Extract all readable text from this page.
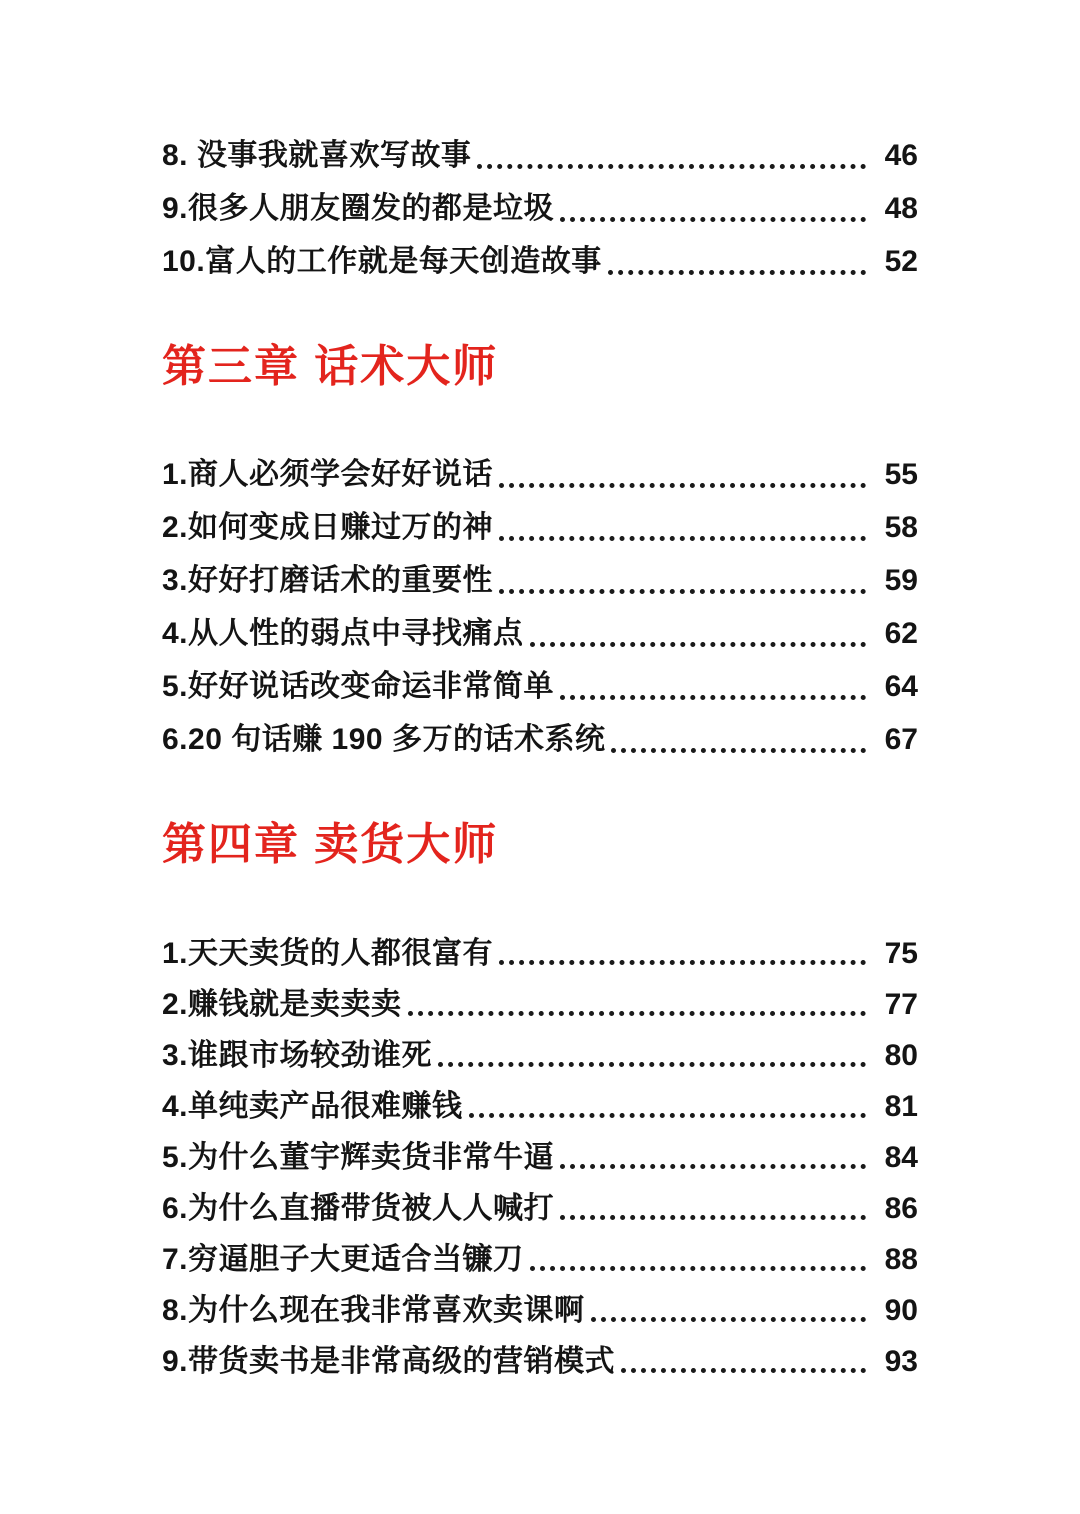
8. 没事我就喜欢写故事	46
9.很多人朋友圈发的都是垃圾	48
10.富人的工作就是每天创造故事	52
第三章 话术大师
1.商人必须学会好好说话	55
2.如何变成日赚过万的神	58
3.好好打磨话术的重要性	59
4.从人性的弱点中寻找痛点	62
5.好好说话改变命运非常简单	64
6.20 句话赚 190 多万的话术系统	67
第四章 卖货大师
1.天天卖货的人都很富有	75
2.赚钱就是卖卖卖	77
3.谁跟市场较劲谁死	80
4.单纯卖产品很难赚钱	81
5.为什么董宇辉卖货非常牛逼	84
6.为什么直播带货被人人喊打	86
7.穷逼胆子大更适合当镰刀	88
8.为什么现在我非常喜欢卖课啊	90
9.带货卖书是非常高级的营销模式	93
